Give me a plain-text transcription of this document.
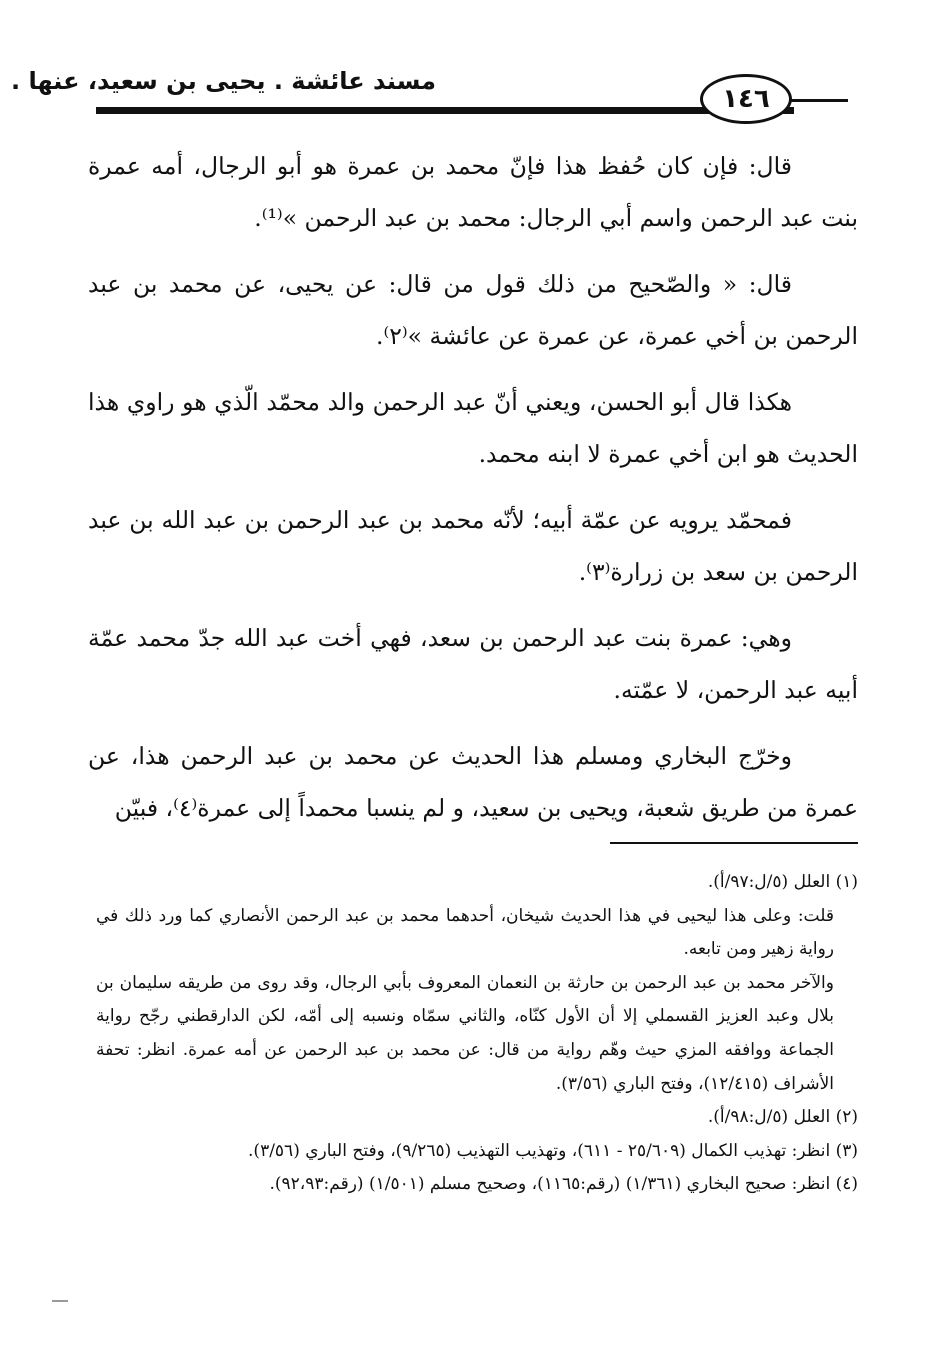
مسند عائشة . يحيى بن سعيد، عنها .
١٤٦

قال: فإن كان حُفظ هذا فإنّ محمد بن عمرة هو أبو الرجال، أمه عمرة بنت عبد الرحمن واسم أبي الرجال: محمد بن عبد الرحمن »⁽¹⁾.

قال: « والصّحيح من ذلك قول من قال: عن يحيى، عن محمد بن عبد الرحمن بن أخي عمرة، عن عمرة عن عائشة »⁽٢⁾.

هكذا قال أبو الحسن، ويعني أنّ عبد الرحمن والد محمّد الّذي هو راوي هذا الحديث هو ابن أخي عمرة لا ابنه محمد.

فمحمّد يرويه عن عمّة أبيه؛ لأنّه محمد بن عبد الرحمن بن عبد الله بن عبد الرحمن بن سعد بن زرارة⁽٣⁾.

وهي: عمرة بنت عبد الرحمن بن سعد، فهي أخت عبد الله جدّ محمد عمّة أبيه عبد الرحمن، لا عمّته.

وخرّج البخاري ومسلم هذا الحديث عن محمد بن عبد الرحمن هذا، عن عمرة من طريق شعبة، ويحيى بن سعيد، و لم ينسبا محمداً إلى عمرة⁽٤⁾، فبيّن

(١) العلل (٥/ل:٩٧/أ).

قلت: وعلى هذا ليحيى في هذا الحديث شيخان، أحدهما محمد بن عبد الرحمن الأنصاري كما ورد ذلك في رواية زهير ومن تابعه.

والآخر محمد بن عبد الرحمن بن حارثة بن النعمان المعروف بأبي الرجال، وقد روى من طريقه سليمان بن بلال وعبد العزيز القسملي إلا أن الأول كنّاه، والثاني سمّاه ونسبه إلى أمّه، لكن الدارقطني رجّح رواية الجماعة ووافقه المزي حيث وهّم رواية من قال: عن محمد بن عبد الرحمن عن أمه عمرة. انظر: تحفة الأشراف (١٢/٤١٥)، وفتح الباري (٣/٥٦).

(٢) العلل (٥/ل:٩٨/أ).

(٣) انظر: تهذيب الكمال (٢٥/٦٠٩ - ٦١١)، وتهذيب التهذيب (٩/٢٦٥)، وفتح الباري (٣/٥٦).

(٤) انظر: صحيح البخاري (١/٣٦١) (رقم:١١٦٥)، وصحيح مسلم (١/٥٠١) (رقم:٩٢،٩٣).
